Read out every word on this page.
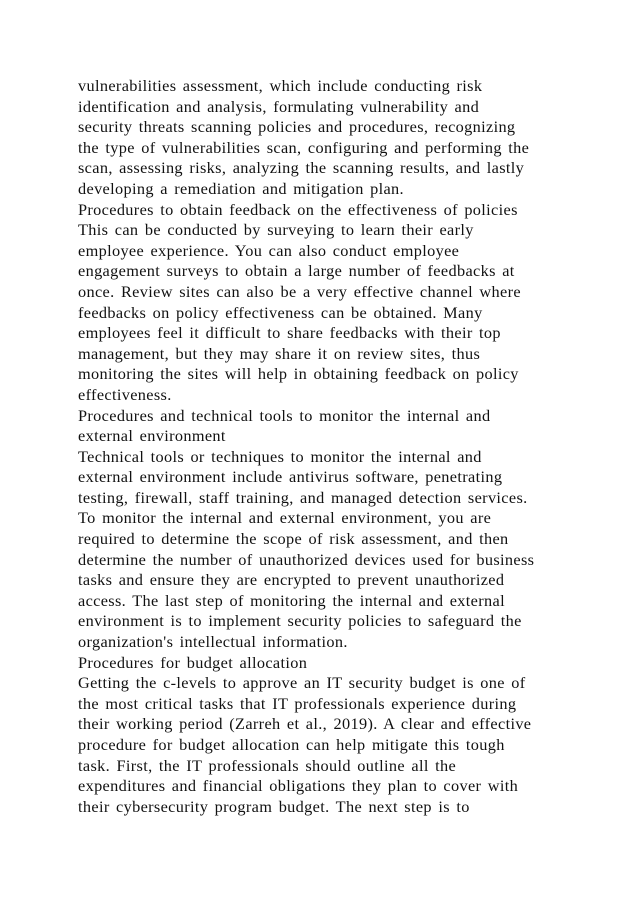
vulnerabilities assessment, which include conducting risk
identification and analysis, formulating vulnerability and
security threats scanning policies and procedures, recognizing
the type of vulnerabilities scan, configuring and performing the
scan, assessing risks, analyzing the scanning results, and lastly
developing a remediation and mitigation plan.
Procedures to obtain feedback on the effectiveness of policies
This can be conducted by surveying to learn their early
employee experience. You can also conduct employee
engagement surveys to obtain a large number of feedbacks at
once. Review sites can also be a very effective channel where
feedbacks on policy effectiveness can be obtained. Many
employees feel it difficult to share feedbacks with their top
management, but they may share it on review sites, thus
monitoring the sites will help in obtaining feedback on policy
effectiveness.
Procedures and technical tools to monitor the internal and
external environment
Technical tools or techniques to monitor the internal and
external environment include antivirus software, penetrating
testing, firewall, staff training, and managed detection services.
To monitor the internal and external environment, you are
required to determine the scope of risk assessment, and then
determine the number of unauthorized devices used for business
tasks and ensure they are encrypted to prevent unauthorized
access. The last step of monitoring the internal and external
environment is to implement security policies to safeguard the
organization's intellectual information.
Procedures for budget allocation
Getting the c-levels to approve an IT security budget is one of
the most critical tasks that IT professionals experience during
their working period (Zarreh et al., 2019). A clear and effective
procedure for budget allocation can help mitigate this tough
task. First, the IT professionals should outline all the
expenditures and financial obligations they plan to cover with
their cybersecurity program budget. The next step is to
